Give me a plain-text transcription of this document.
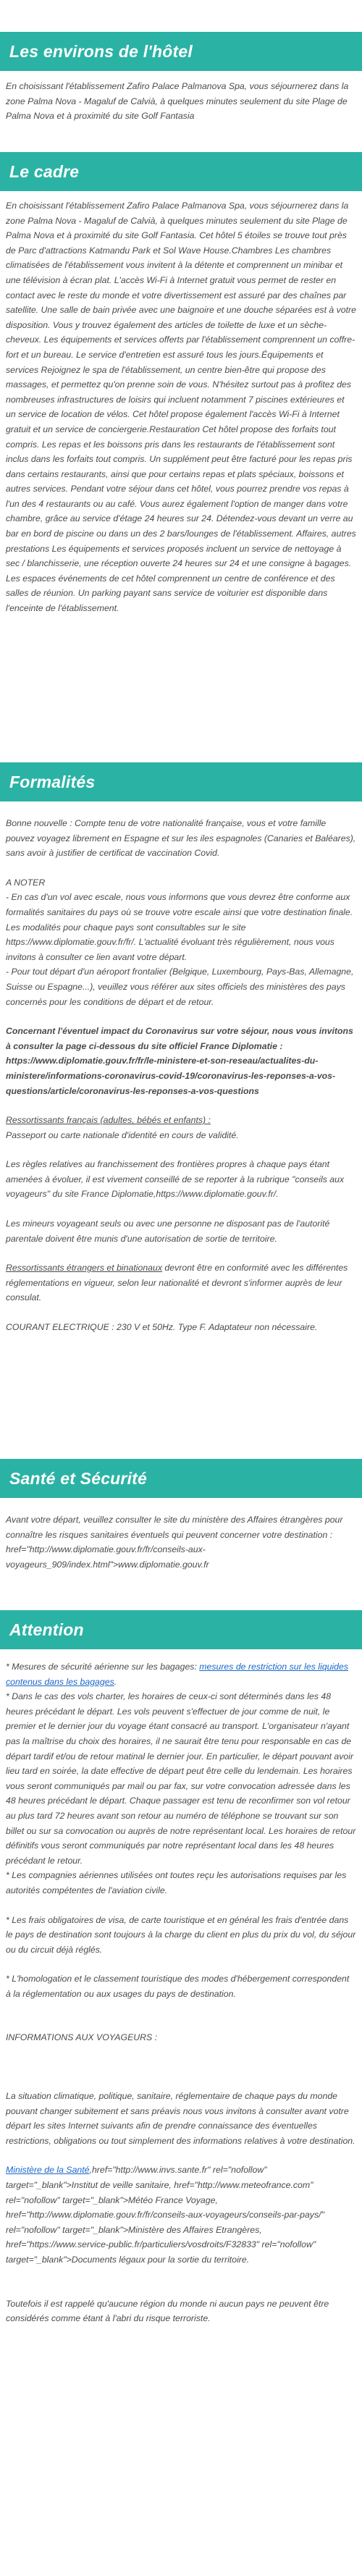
Les environs de l'hôtel

En choisissant l'établissement Zafiro Palace Palmanova Spa, vous séjournerez dans la zone Palma Nova - Magaluf de Calvià, à quelques minutes seulement du site Plage de Palma Nova et à proximité du site Golf Fantasia

Le cadre

En choisissant l'établissement Zafiro Palace Palmanova Spa, vous séjournerez dans la zone Palma Nova - Magaluf de Calvià, à quelques minutes seulement du site Plage de Palma Nova et à proximité du site Golf Fantasia. Cet hôtel 5 étoiles se trouve tout près de Parc d'attractions Katmandu Park et Sol Wave House.Chambres Les chambres climatisées de l'établissement vous invitent à la détente et comprennent un minibar et une télévision à écran plat. L'accès Wi-Fi à Internet gratuit vous permet de rester en contact avec le reste du monde et votre divertissement est assuré par des chaînes par satellite. Une salle de bain privée avec une baignoire et une douche séparées est à votre disposition. Vous y trouvez également des articles de toilette de luxe et un sèche-cheveux. Les équipements et services offerts par l'établissement comprennent un coffre-fort et un bureau. Le service d'entretien est assuré tous les jours.Équipements et services Rejoignez le spa de l'établissement, un centre bien-être qui propose des massages, et permettez qu'on prenne soin de vous. N'hésitez surtout pas à profitez des nombreuses infrastructures de loisirs qui incluent notamment 7 piscines extérieures et un service de location de vélos. Cet hôtel propose également l'accès Wi-Fi à Internet gratuit et un service de conciergerie.Restauration Cet hôtel propose des forfaits tout compris. Les repas et les boissons pris dans les restaurants de l'établissement sont inclus dans les forfaits tout compris. Un supplément peut être facturé pour les repas pris dans certains restaurants, ainsi que pour certains repas et plats spéciaux, boissons et autres services. Pendant votre séjour dans cet hôtel, vous pourrez prendre vos repas à l'un des 4 restaurants ou au café. Vous aurez également l'option de manger dans votre chambre, grâce au service d'étage 24 heures sur 24. Détendez-vous devant un verre au bar en bord de piscine ou dans un des 2 bars/lounges de l'établissement. Affaires, autres prestations Les équipements et services proposés incluent un service de nettoyage à sec / blanchisserie, une réception ouverte 24 heures sur 24 et une consigne à bagages. Les espaces événements de cet hôtel comprennent un centre de conférence et des salles de réunion. Un parking payant sans service de voiturier est disponible dans l'enceinte de l'établissement.

Formalités

Bonne nouvelle : Compte tenu de votre nationalité française, vous et votre famille pouvez voyagez librement en Espagne et sur les iles espagnoles (Canaries et Baléares), sans avoir à justifier de certificat de vaccination Covid.

A NOTER

- En cas d'un vol avec escale, nous vous informons que vous devrez être conforme aux formalités sanitaires du pays où se trouve votre escale ainsi que votre destination finale.

Les modalités pour chaque pays sont consultables sur le site https://www.diplomatie.gouv.fr/fr/. L'actualité évoluant très régulièrement, nous vous invitons à consulter ce lien avant votre départ.

- Pour tout départ d'un aéroport frontalier (Belgique, Luxembourg, Pays-Bas, Allemagne, Suisse ou Espagne...), veuillez vous référer aux sites officiels des ministères des pays concernés pour les conditions de départ et de retour.

Concernant l'éventuel impact du Coronavirus sur votre séjour, nous vous invitons à consulter la page ci-dessous du site officiel France Diplomatie : https://www.diplomatie.gouv.fr/fr/le-ministere-et-son-reseau/actualites-du-ministere/informations-coronavirus-covid-19/coronavirus-les-reponses-a-vos-questions/article/coronavirus-les-reponses-a-vos-questions

Ressortissants français (adultes, bébés et enfants) :

Passeport ou carte nationale d'identité en cours de validité.

Les règles relatives au franchissement des frontières propres à chaque pays étant amenées à évoluer, il est vivement conseillé de se reporter à la rubrique "conseils aux voyageurs" du site France Diplomatie,https://www.diplomatie.gouv.fr/.

Les mineurs voyageant seuls ou avec une personne ne disposant pas de l'autorité parentale doivent être munis d'une autorisation de sortie de territoire.

Ressortissants étrangers et binationaux devront être en conformité avec les différentes réglementations en vigueur, selon leur nationalité et devront s'informer auprès de leur consulat.

COURANT ELECTRIQUE : 230 V et 50Hz. Type F. Adaptateur non nécessaire.

Santé et Sécurité

Avant votre départ, veuillez consulter le site du ministère des Affaires étrangères pour connaître les risques sanitaires éventuels qui peuvent concerner votre destination : href="http://www.diplomatie.gouv.fr/fr/conseils-aux-voyageurs_909/index.html">www.diplomatie.gouv.fr

Attention

* Mesures de sécurité aérienne sur les bagages: mesures de restriction sur les liquides contenus dans les bagages.

* Dans le cas des vols charter, les horaires de ceux-ci sont déterminés dans les 48 heures précédant le départ. Les vols peuvent s'effectuer de jour comme de nuit, le premier et le dernier jour du voyage étant consacré au transport. L'organisateur n'ayant pas la maîtrise du choix des horaires, il ne saurait être tenu pour responsable en cas de départ tardif et/ou de retour matinal le dernier jour. En particulier, le départ pouvant avoir lieu tard en soirée, la date effective de départ peut être celle du lendemain. Les horaires vous seront communiqués par mail ou par fax, sur votre convocation adressée dans les 48 heures précédant le départ. Chaque passager est tenu de reconfirmer son vol retour au plus tard 72 heures avant son retour au numéro de téléphone se trouvant sur son billet ou sur sa convocation ou auprès de notre représentant local. Les horaires de retour définitifs vous seront communiqués par notre représentant local dans les 48 heures précédant le retour.

* Les compagnies aériennes utilisées ont toutes reçu les autorisations requises par les autorités compétentes de l'aviation civile.

* Les frais obligatoires de visa, de carte touristique et en général les frais d'entrée dans le pays de destination sont toujours à la charge du client en plus du prix du vol, du séjour ou du circuit déjà réglés.

* L'homologation et le classement touristique des modes d'hébergement correspondent à la réglementation ou aux usages du pays de destination.

INFORMATIONS AUX VOYAGEURS :

La situation climatique, politique, sanitaire, réglementaire de chaque pays du monde pouvant changer subitement et sans préavis nous vous invitons à consulter avant votre départ les sites Internet suivants afin de prendre connaissance des éventuelles restrictions, obligations ou tout simplement des informations relatives à votre destination.

Ministère de la Santé,href="http://www.invs.sante.fr" rel="nofollow" target="_blank">Institut de veille sanitaire, href="http://www.meteofrance.com" rel="nofollow" target="_blank">Météo France Voyage, href="http://www.diplomatie.gouv.fr/fr/conseils-aux-voyageurs/conseils-par-pays/" rel="nofollow" target="_blank">Ministère des Affaires Etrangères, href="https://www.service-public.fr/particuliers/vosdroits/F32833" rel="nofollow" target="_blank">Documents légaux pour la sortie du territoire.

Toutefois il est rappelé qu'aucune région du monde ni aucun pays ne peuvent être considérés comme étant à l'abri du risque terroriste.
